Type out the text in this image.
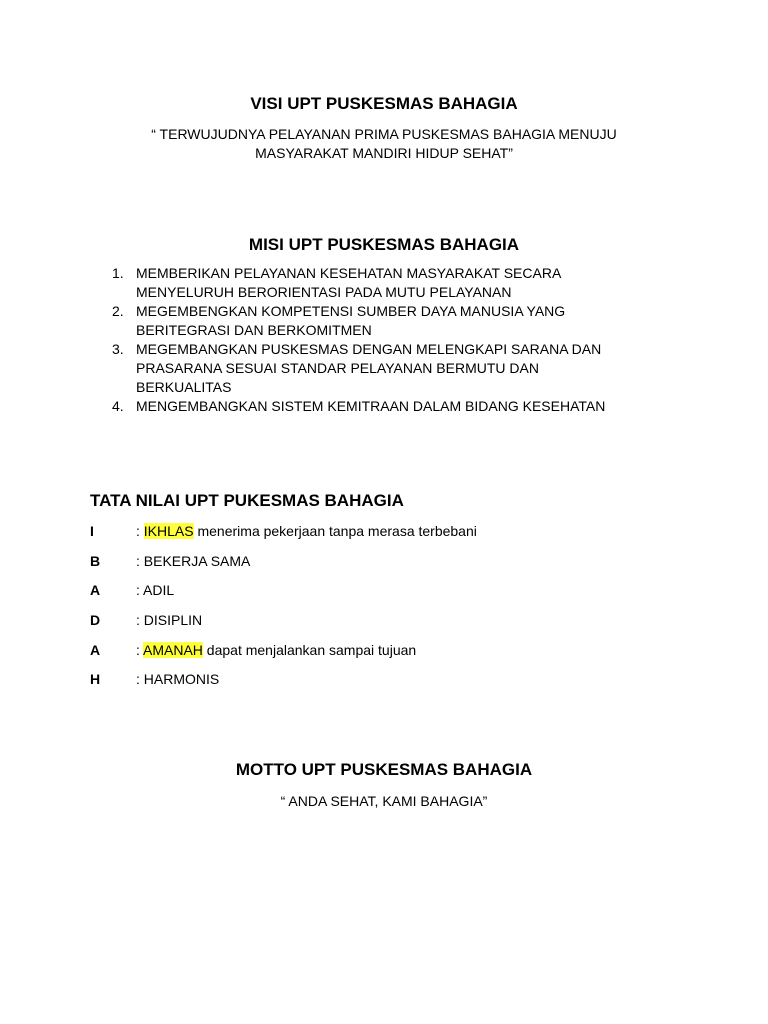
VISI UPT PUSKESMAS BAHAGIA

“ TERWUJUDNYA PELAYANAN PRIMA PUSKESMAS BAHAGIA MENUJU
MASYARAKAT MANDIRI HIDUP SEHAT”

MISI UPT PUSKESMAS BAHAGIA
1. MEMBERIKAN PELAYANAN KESEHATAN MASYARAKAT SECARA
MENYELURUH BERORIENTASI PADA MUTU PELAYANAN
2. MEGEMBENGKAN KOMPETENSI SUMBER DAYA MANUSIA YANG
BERITEGRASI DAN BERKOMITMEN
3. MEGEMBANGKAN PUSKESMAS DENGAN MELENGKAPI SARANA DAN
PRASARANA SESUAI STANDAR PELAYANAN BERMUTU DAN
BERKUALITAS
4. MENGEMBANGKAN SISTEM KEMITRAAN DALAM BIDANG KESEHATAN
TATA NILAI UPT PUKESMAS BAHAGIA
I	: IKHLAS menerima pekerjaan tanpa merasa terbebani
B	: BEKERJA SAMA
A	: ADIL
D	: DISIPLIN
A	: AMANAH dapat menjalankan sampai tujuan
H	: HARMONIS
MOTTO UPT PUSKESMAS BAHAGIA

“ ANDA SEHAT, KAMI BAHAGIA”
